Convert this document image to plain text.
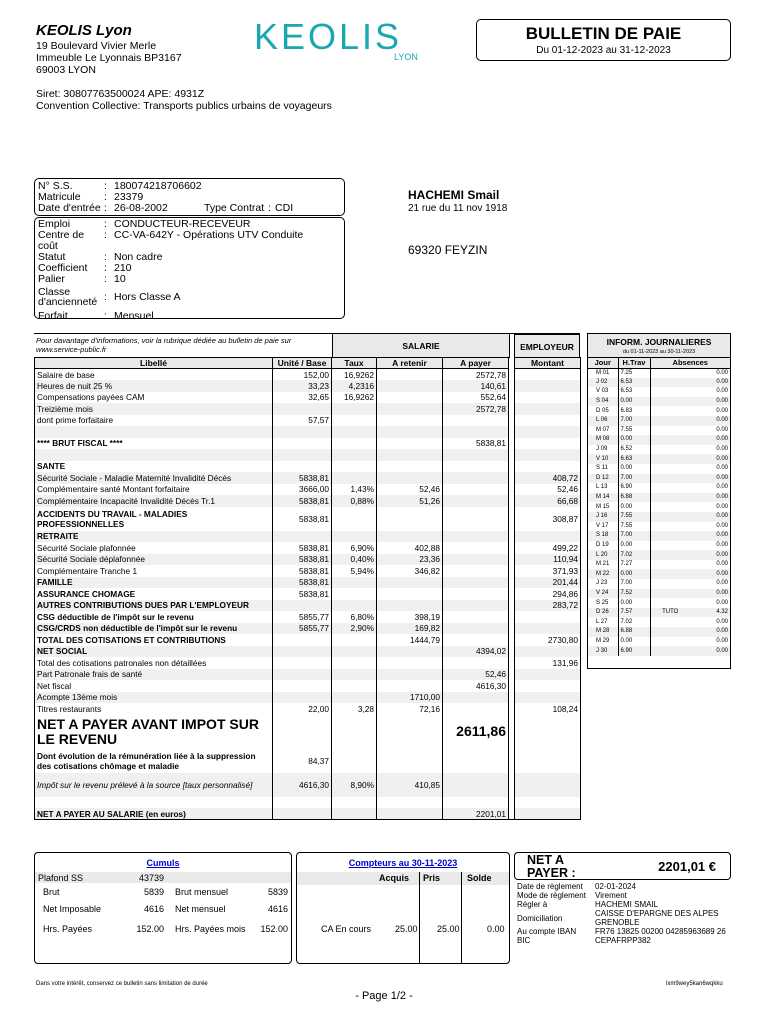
KEOLIS Lyon
19 Boulevard Vivier Merle
Immeuble Le Lyonnais BP3167
69003 LYON
Siret: 30807763500024 APE: 4931Z
Convention Collective: Transports publics urbains de voyageurs
KEOLIS
LYON
BULLETIN DE PAIE
Du 01-12-2023 au 31-12-2023
N° S.S.	: 180074218706602
Matricule	: 23379
Date d'entrée : 26-08-2002	Type Contrat : CDI
Emploi	: CONDUCTEUR-RECEVEUR
Centre de coût
: CC-VA-642Y - Opérations UTV Conduite
Statut	: Non cadre
Coefficient	: 210
Palier	: 10
Classe d'ancienneté : Hors Classe A
Forfait	: Mensuel
HACHEMI Smail
21 rue du 11 nov 1918
69320 FEYZIN
Pour davantage d'informations, voir la rubrique dédiée au bulletin de paie sur www.service-public.fr	SALARIE	EMPLOYEUR
Libellé	Unité / Base	Taux	A retenir	A payer		Montant
Salaire de base	152,00	16,9262		2572,78		
Heures de nuit 25 %	33,23	4,2316		140,61		
Compensations payées CAM	32,65	16,9262		552,64		
Treizième mois				2572,78		
dont prime forfaitaire	57,57					

**** BRUT FISCAL ****				5838,81		

SANTE						
Sécurité Sociale - Maladie Maternité Invalidité Décès	5838,81					408,72
Complémentaire santé Montant forfaitaire	3666,00	1,43%	52,46			52,46
Complémentaire Incapacité Invalidité Décès Tr.1	5838,81	0,88%	51,26			66,68
ACCIDENTS DU TRAVAIL - MALADIES PROFESSIONNELLES	5838,81					308,87
RETRAITE						
Sécurité Sociale plafonnée	5838,81	6,90%	402,88			499,22
Sécurité Sociale déplafonnée	5838,81	0,40%	23,36			110,94
Complémentaire Tranche 1	5838,81	5,94%	346,82			371,93
FAMILLE	5838,81					201,44
ASSURANCE CHOMAGE	5838,81					294,86
AUTRES CONTRIBUTIONS DUES PAR L'EMPLOYEUR						283,72
CSG déductible de l'impôt sur le revenu	5855,77	6,80%	398,19			
CSG/CRDS non déductible de l'impôt sur le revenu	5855,77	2,90%	169,82			
TOTAL DES COTISATIONS ET CONTRIBUTIONS			1444,79			2730,80
NET SOCIAL				4394,02		
Total des cotisations patronales non détaillées						131,96
Part Patronale frais de santé				52,46		
Net fiscal				4616,30		
Acompte 13ème mois			1710,00			
Titres restaurants	22,00	3,28	72,16			108,24
NET A PAYER AVANT IMPOT SUR LE REVENU				2611,86		
Dont évolution de la rémunération liée à la suppression des cotisations chômage et maladie	84,37					
Impôt sur le revenu prélevé à la source [taux personnalisé]	4616,30	8,90%	410,85			

NET A PAYER AU SALARIE (en euros)				2201,01		
INFORM. JOURNALIERES
du 01-11-2023 au 30-11-2023
Jour	H.Trav	Absences	
M 01	7.25		0.00
J 02	6.53		0.00
V 03	6.53		0.00
S 04	0.00		0.00
D 05	6.83		0.00
L 06	7.00		0.00
M 07	7.55		0.00
M 08	0.00		0.00
J 09	6.52		0.00
V 10	6.63		0.00
S 11	0.00		0.00
D 12	7.00		0.00
L 13	6.90		0.00
M 14	6.88		0.00
M 15	0.00		0.00
J 16	7.55		0.00
V 17	7.55		0.00
S 18	7.00		0.00
D 19	0.00		0.00
L 20	7.02		0.00
M 21	7.27		0.00
M 22	0.00		0.00
J 23	7.00		0.00
V 24	7.52		0.00
S 25	0.00		0.00
D 26	7.57	TUTO	4.32
L 27	7.02		0.00
M 28	6.88		0.00
M 29	0.00		0.00
J 30	6.90		0.00
Cumuls
Plafond SS	43739		
Brut	5839	Brut mensuel	5839
Net Imposable	4616	Net mensuel	4616
Hrs. Payées	152.00	Hrs. Payées mois	152.00
Compteurs au 30-11-2023
Acquis Pris	Solde
CA En cours	25.00 25.00	0.00
NET A PAYER :	2201,01 €
Date de règlement	02-01-2024
Mode de règlement	Virement
Régler à	HACHEMI SMAIL
Domiciliation	CAISSE D'EPARGNE DES ALPES GRENOBLE
Au compte IBAN	FR76 13825 00200 04285963689 26
BIC	CEPAFRPP382
Dans votre intérêt, conservez ce bulletin sans limitation de durée	lxm9wey5kan6wqkku
- Page 1/2 -
